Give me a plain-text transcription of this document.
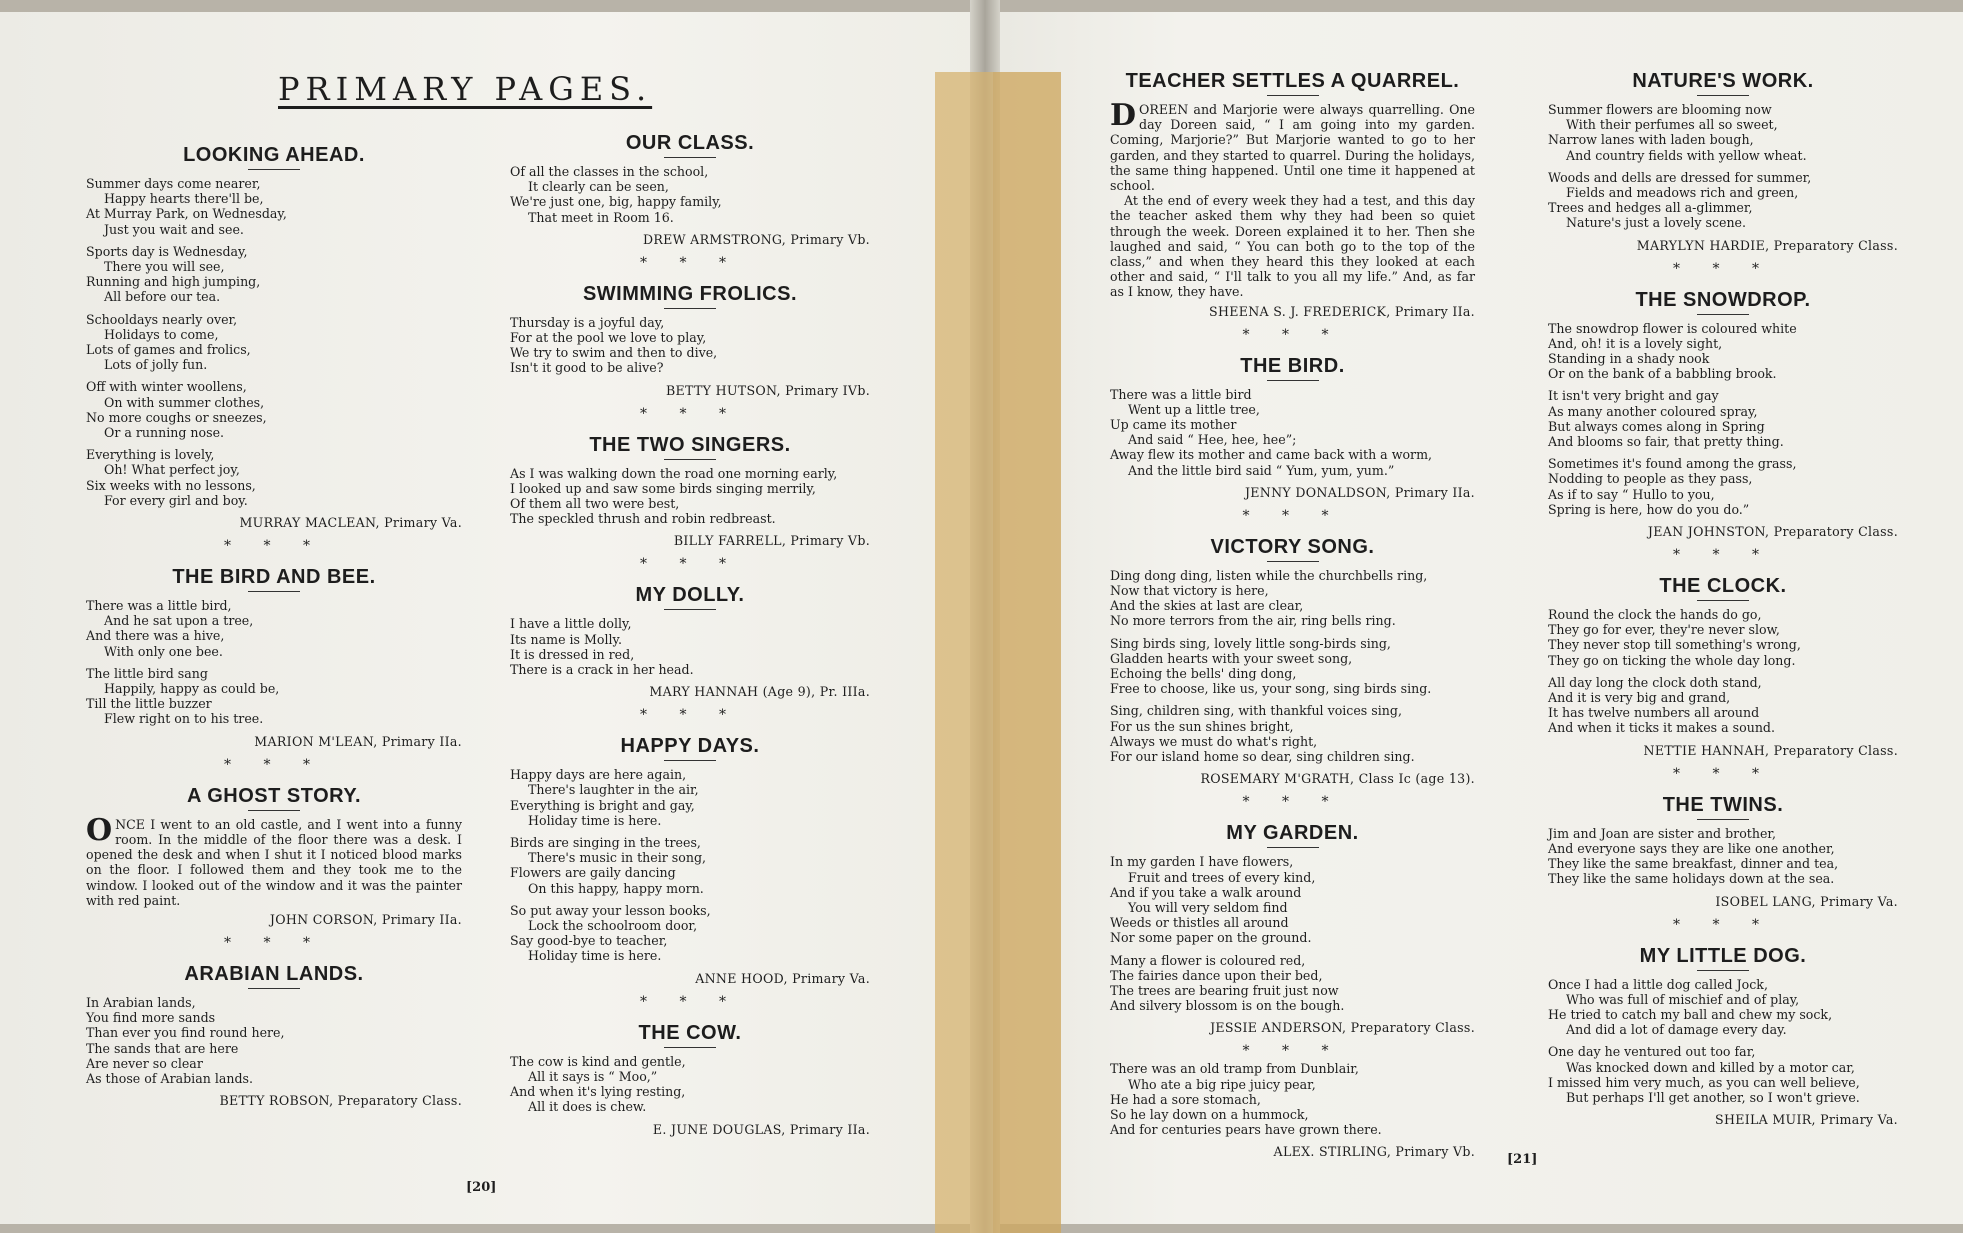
PRIMARY PAGES.
LOOKING AHEAD.
Summer days come nearer,
Happy hearts there'll be,
At Murray Park, on Wednesday,
Just you wait and see.
Sports day is Wednesday,
There you will see,
Running and high jumping,
All before our tea.
Schooldays nearly over,
Holidays to come,
Lots of games and frolics,
Lots of jolly fun.
Off with winter woollens,
On with summer clothes,
No more coughs or sneezes,
Or a running nose.
Everything is lovely,
Oh! What perfect joy,
Six weeks with no lessons,
For every girl and boy.
MURRAY MACLEAN, Primary Va.
* * *
THE BIRD AND BEE.
There was a little bird,
And he sat upon a tree,
And there was a hive,
With only one bee.
The little bird sang
Happily, happy as could be,
Till the little buzzer
Flew right on to his tree.
MARION M'LEAN, Primary IIa.
* * *
A GHOST STORY.

ONCE I went to an old castle, and I went into a funny room. In the middle of the floor there was a desk. I opened the desk and when I shut it I noticed blood marks on the floor. I followed them and they took me to the window. I looked out of the window and it was the painter with red paint.

JOHN CORSON, Primary IIa.
* * *
ARABIAN LANDS.
In Arabian lands,
You find more sands
Than ever you find round here,
The sands that are here
Are never so clear
As those of Arabian lands.
BETTY ROBSON, Preparatory Class.
OUR CLASS.
Of all the classes in the school,
It clearly can be seen,
We're just one, big, happy family,
That meet in Room 16.
DREW ARMSTRONG, Primary Vb.
* * *
SWIMMING FROLICS.
Thursday is a joyful day,
For at the pool we love to play,
We try to swim and then to dive,
Isn't it good to be alive?
BETTY HUTSON, Primary IVb.
* * *
THE TWO SINGERS.
As I was walking down the road one morning early,
I looked up and saw some birds singing merrily,
Of them all two were best,
The speckled thrush and robin redbreast.
BILLY FARRELL, Primary Vb.
* * *
MY DOLLY.
I have a little dolly,
Its name is Molly.
It is dressed in red,
There is a crack in her head.
MARY HANNAH (Age 9), Pr. IIIa.
* * *
HAPPY DAYS.
Happy days are here again,
There's laughter in the air,
Everything is bright and gay,
Holiday time is here.
Birds are singing in the trees,
There's music in their song,
Flowers are gaily dancing
On this happy, happy morn.
So put away your lesson books,
Lock the schoolroom door,
Say good-bye to teacher,
Holiday time is here.
ANNE HOOD, Primary Va.
* * *
THE COW.
The cow is kind and gentle,
All it says is “ Moo,”
And when it's lying resting,
All it does is chew.
E. JUNE DOUGLAS, Primary IIa.
[20]
TEACHER SETTLES A QUARREL.

DOREEN and Marjorie were always quarrelling. One day Doreen said, “ I am going into my garden. Coming, Marjorie?” But Marjorie wanted to go to her garden, and they started to quarrel. During the holidays, the same thing happened. Until one time it happened at school.

At the end of every week they had a test, and this day the teacher asked them why they had been so quiet through the week. Doreen explained it to her. Then she laughed and said, “ You can both go to the top of the class,” and when they heard this they looked at each other and said, “ I'll talk to you all my life.” And, as far as I know, they have.

SHEENA S. J. FREDERICK, Primary IIa.
* * *
THE BIRD.
There was a little bird
Went up a little tree,
Up came its mother
And said “ Hee, hee, hee”;
Away flew its mother and came back with a worm,
And the little bird said “ Yum, yum, yum.”
JENNY DONALDSON, Primary IIa.
* * *
VICTORY SONG.
Ding dong ding, listen while the churchbells ring,
Now that victory is here,
And the skies at last are clear,
No more terrors from the air, ring bells ring.
Sing birds sing, lovely little song-birds sing,
Gladden hearts with your sweet song,
Echoing the bells' ding dong,
Free to choose, like us, your song, sing birds sing.
Sing, children sing, with thankful voices sing,
For us the sun shines bright,
Always we must do what's right,
For our island home so dear, sing children sing.
ROSEMARY M'GRATH, Class Ic (age 13).
* * *
MY GARDEN.
In my garden I have flowers,
Fruit and trees of every kind,
And if you take a walk around
You will very seldom find
Weeds or thistles all around
Nor some paper on the ground.
Many a flower is coloured red,
The fairies dance upon their bed,
The trees are bearing fruit just now
And silvery blossom is on the bough.
JESSIE ANDERSON, Preparatory Class.
* * *
There was an old tramp from Dunblair,
Who ate a big ripe juicy pear,
He had a sore stomach,
So he lay down on a hummock,
And for centuries pears have grown there.
ALEX. STIRLING, Primary Vb.
NATURE'S WORK.
Summer flowers are blooming now
With their perfumes all so sweet,
Narrow lanes with laden bough,
And country fields with yellow wheat.
Woods and dells are dressed for summer,
Fields and meadows rich and green,
Trees and hedges all a-glimmer,
Nature's just a lovely scene.
MARYLYN HARDIE, Preparatory Class.
* * *
THE SNOWDROP.
The snowdrop flower is coloured white
And, oh! it is a lovely sight,
Standing in a shady nook
Or on the bank of a babbling brook.
It isn't very bright and gay
As many another coloured spray,
But always comes along in Spring
And blooms so fair, that pretty thing.
Sometimes it's found among the grass,
Nodding to people as they pass,
As if to say “ Hullo to you,
Spring is here, how do you do.”
JEAN JOHNSTON, Preparatory Class.
* * *
THE CLOCK.
Round the clock the hands do go,
They go for ever, they're never slow,
They never stop till something's wrong,
They go on ticking the whole day long.
All day long the clock doth stand,
And it is very big and grand,
It has twelve numbers all around
And when it ticks it makes a sound.
NETTIE HANNAH, Preparatory Class.
* * *
THE TWINS.
Jim and Joan are sister and brother,
And everyone says they are like one another,
They like the same breakfast, dinner and tea,
They like the same holidays down at the sea.
ISOBEL LANG, Primary Va.
* * *
MY LITTLE DOG.
Once I had a little dog called Jock,
Who was full of mischief and of play,
He tried to catch my ball and chew my sock,
And did a lot of damage every day.
One day he ventured out too far,
Was knocked down and killed by a motor car,
I missed him very much, as you can well believe,
But perhaps I'll get another, so I won't grieve.
SHEILA MUIR, Primary Va.
[21]
